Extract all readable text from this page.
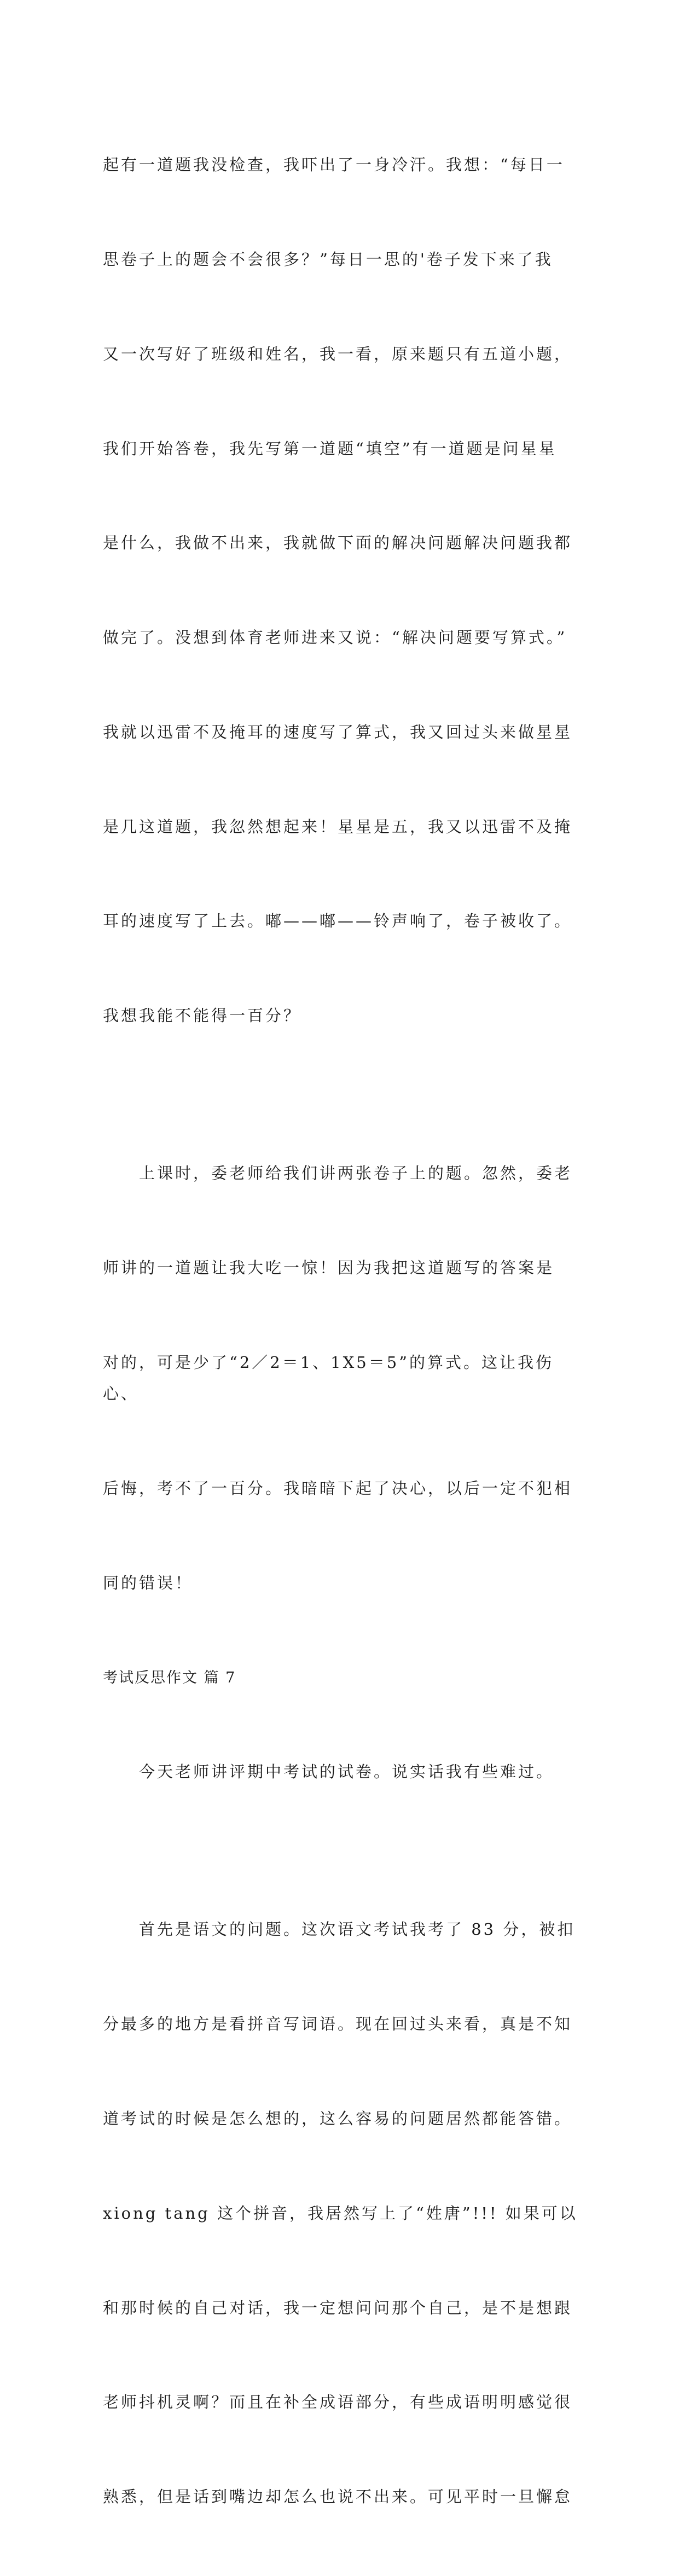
起有一道题我没检查，我吓出了一身冷汗。我想：“每日一

思卷子上的题会不会很多？”每日一思的'卷子发下来了我

又一次写好了班级和姓名，我一看，原来题只有五道小题，

我们开始答卷，我先写第一道题“填空”有一道题是问星星

是什么，我做不出来，我就做下面的解决问题解决问题我都

做完了。没想到体育老师进来又说：“解决问题要写算式。”

我就以迅雷不及掩耳的速度写了算式，我又回过头来做星星

是几这道题，我忽然想起来！星星是五，我又以迅雷不及掩

耳的速度写了上去。嘟——嘟——铃声响了，卷子被收了。

我想我能不能得一百分？

上课时，委老师给我们讲两张卷子上的题。忽然，委老

师讲的一道题让我大吃一惊！因为我把这道题写的答案是

对的，可是少了“2／2＝1、1X5＝5”的算式。这让我伤心、

后悔，考不了一百分。我暗暗下起了决心，以后一定不犯相

同的错误！

考试反思作文 篇 7

今天老师讲评期中考试的试卷。说实话我有些难过。

首先是语文的问题。这次语文考试我考了 83 分，被扣

分最多的地方是看拼音写词语。现在回过头来看，真是不知

道考试的时候是怎么想的，这么容易的问题居然都能答错。

xiong tang 这个拼音，我居然写上了“姓唐”!!! 如果可以

和那时候的自己对话，我一定想问问那个自己，是不是想跟

老师抖机灵啊？而且在补全成语部分，有些成语明明感觉很

熟悉，但是话到嘴边却怎么也说不出来。可见平时一旦懈怠
